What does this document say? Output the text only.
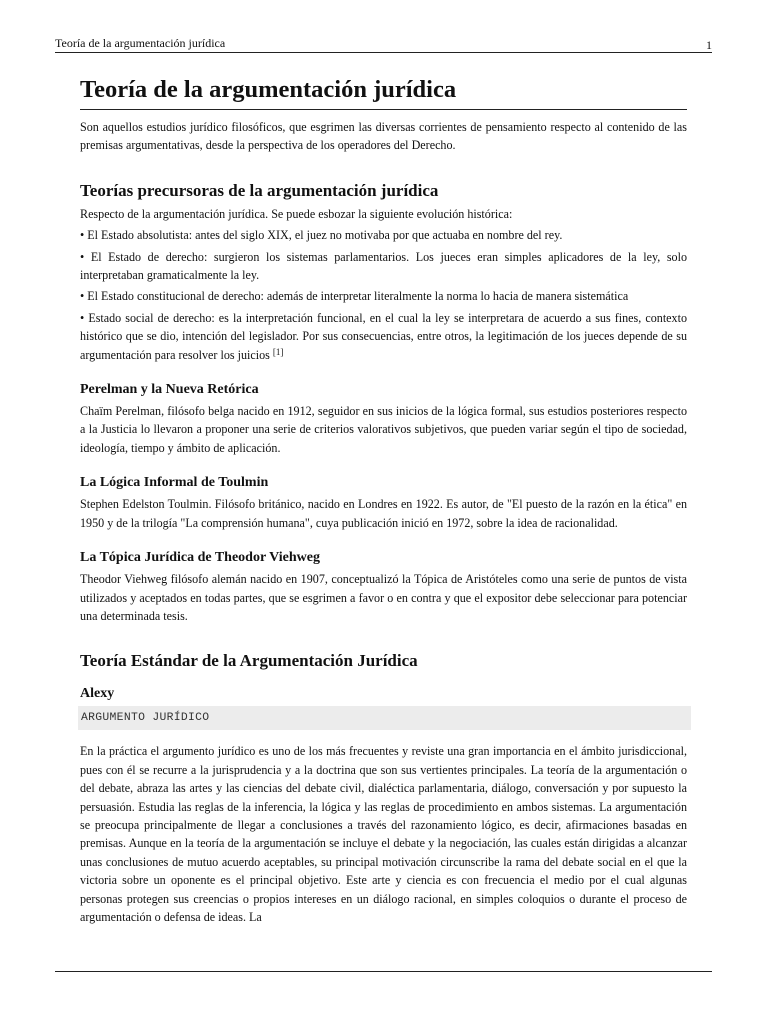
Teoría de la argumentación jurídica	1
Teoría de la argumentación jurídica

Son aquellos estudios jurídico filosóficos, que esgrimen las diversas corrientes de pensamiento respecto al contenido de las premisas argumentativas, desde la perspectiva de los operadores del Derecho.

Teorías precursoras de la argumentación jurídica

Respecto de la argumentación jurídica. Se puede esbozar la siguiente evolución histórica:

• El Estado absolutista: antes del siglo XIX, el juez no motivaba por que actuaba en nombre del rey.

• El Estado de derecho: surgieron los sistemas parlamentarios. Los jueces eran simples aplicadores de la ley, solo interpretaban gramaticalmente la ley.

• El Estado constitucional de derecho: además de interpretar literalmente la norma lo hacia de manera sistemática

• Estado social de derecho: es la interpretación funcional, en el cual la ley se interpretara de acuerdo a sus fines, contexto histórico que se dio, intención del legislador. Por sus consecuencias, entre otros, la legitimación de los jueces depende de su argumentación para resolver los juicios [1]

Perelman y la Nueva Retórica

Chaïm Perelman, filósofo belga nacido en 1912, seguidor en sus inicios de la lógica formal, sus estudios posteriores respecto a la Justicia lo llevaron a proponer una serie de criterios valorativos subjetivos, que pueden variar según el tipo de sociedad, ideología, tiempo y ámbito de aplicación.

La Lógica Informal de Toulmin

Stephen Edelston Toulmin. Filósofo británico, nacido en Londres en 1922. Es autor, de "El puesto de la razón en la ética" en 1950 y de la trilogía "La comprensión humana", cuya publicación inició en 1972, sobre la idea de racionalidad.

La Tópica Jurídica de Theodor Viehweg

Theodor Viehweg filósofo alemán nacido en 1907, conceptualizó la Tópica de Aristóteles como una serie de puntos de vista utilizados y aceptados en todas partes, que se esgrimen a favor o en contra y que el expositor debe seleccionar para potenciar una determinada tesis.

Teoría Estándar de la Argumentación Jurídica
Alexy
ARGUMENTO JURÍDICO

En la práctica el argumento jurídico es uno de los más frecuentes y reviste una gran importancia en el ámbito jurisdiccional, pues con él se recurre a la jurisprudencia y a la doctrina que son sus vertientes principales. La teoría de la argumentación o del debate, abraza las artes y las ciencias del debate civil, dialéctica parlamentaria, diálogo, conversación y por supuesto la persuasión. Estudia las reglas de la inferencia, la lógica y las reglas de procedimiento en ambos sistemas. La argumentación se preocupa principalmente de llegar a conclusiones a través del razonamiento lógico, es decir, afirmaciones basadas en premisas. Aunque en la teoría de la argumentación se incluye el debate y la negociación, las cuales están dirigidas a alcanzar unas conclusiones de mutuo acuerdo aceptables, su principal motivación circunscribe la rama del debate social en el que la victoria sobre un oponente es el principal objetivo. Este arte y ciencia es con frecuencia el medio por el cual algunas personas protegen sus creencias o propios intereses en un diálogo racional, en simples coloquios o durante el proceso de argumentación o defensa de ideas. La
